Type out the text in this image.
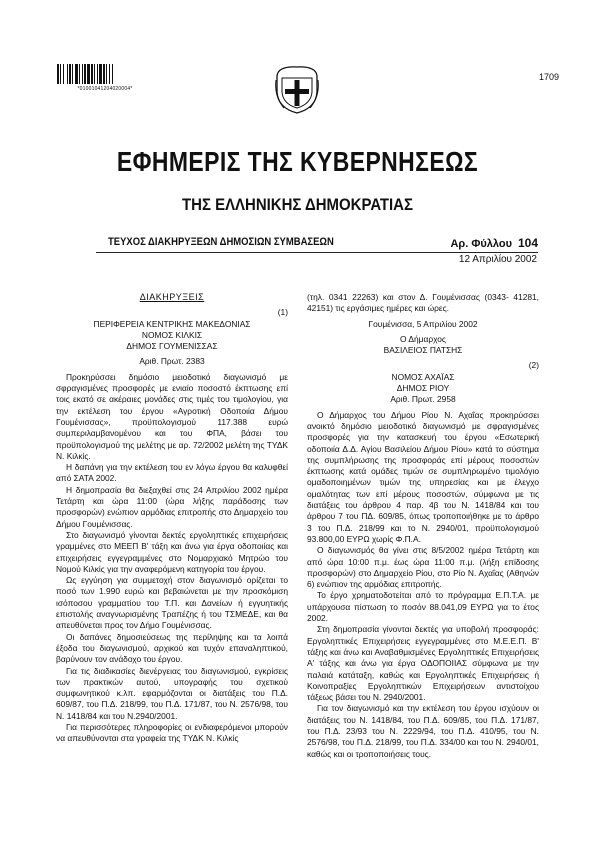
*01001041204020004*
1709
ΕΦΗΜΕΡΙΣ ΤΗΣ ΚΥΒΕΡΝΗΣΕΩΣ
ΤΗΣ ΕΛΛΗΝΙΚΗΣ ΔΗΜΟΚΡΑΤΙΑΣ
ΤΕΥΧΟΣ ΔΙΑΚΗΡΥΞΕΩΝ ΔΗΜΟΣΙΩΝ ΣΥΜΒΑΣΕΩΝ	Αρ. Φύλλου 104
12 Απριλίου 2002

ΔΙΑΚΗΡΥΞΕΙΣ

(1)

ΠΕΡΙΦΕΡΕΙΑ ΚΕΝΤΡΙΚΗΣ ΜΑΚΕΔΟΝΙΑΣ

ΝΟΜΟΣ ΚΙΛΚΙΣ

ΔΗΜΟΣ ΓΟΥΜΕΝΙΣΣΑΣ

Αριθ. Πρωτ. 2383

Προκηρύσσει δημόσιο μειοδοτικό διαγωνισμό με σφραγισμένες προσφορές με ενιαίο ποσοστό έκπτωσης επί τοις εκατό σε ακέραιες μονάδες στις τιμές του τιμολογίου, για την εκτέλεση του έργου «Αγροτική Οδοποιία Δήμου Γουμένισσας», προϋπολογισμού 117.388 ευρώ συμπεριλαμβανομένου και του ΦΠΑ, βάσει του προϋπολογισμού της μελέτης με αρ. 72/2002 μελέτη της ΤΥΔΚ Ν. Κιλκίς.

Η δαπάνη για την εκτέλεση του εν λόγω έργου θα καλυφθεί από ΣΑΤΑ 2002.

Η δημοπρασία θα διεξαχθεί στις 24 Απριλίου 2002 ημέρα Τετάρτη και ώρα 11:00 (ώρα λήξης παράδοσης των προσφορών) ενώπιον αρμόδιας επιτροπής στο Δημαρχείο του Δήμου Γουμένισσας.

Στο διαγωνισμό γίνονται δεκτές εργοληπτικές επιχειρήσεις γραμμένες στο ΜΕΕΠ Β' τάξη και άνω για έργα οδοποιίας και επιχειρήσεις εγγεγραμμένες στο Νομαρχιακό Μητρώο του Νομού Κιλκίς για την αναφερόμενη κατηγορία του έργου.

Ως εγγύηση για συμμετοχή στον διαγωνισμό ορίζεται το ποσό των 1.990 ευρώ και βεβαιώνεται με την προσκόμιση ισόποσου γραμματίου του Τ.Π. και Δανείων ή εγγυητικής επιστολής αναγνωρισμένης Τραπέζης ή του ΤΣΜΕΔΕ, και θα απευθύνεται προς τον Δήμο Γουμένισσας.

Οι δαπάνες δημοσιεύσεως της περίληψης και τα λοιπά έξοδα του διαγωνισμού, αρχικού και τυχόν επαναληπτικού, βαρύνουν τον ανάδοχο του έργου.

Για τις διαδικασίες διενέργειας του διαγωνισμού, εγκρίσεις των πρακτικών αυτού, υπογραφής του σχετικού συμφωνητικού κ.λπ. εφαρμόζονται οι διατάξεις του Π.Δ. 609/87, του Π.Δ. 218/99, του Π.Δ. 171/87, του Ν. 2576/98, του Ν. 1418/84 και του Ν.2940/2001.

Για περισσότερες πληροφορίες οι ενδιαφερόμενοι μπορούν να απευθύνονται στα γραφεία της ΤΥΔΚ Ν. Κιλκίς

(τηλ. 0341 22263) και στον Δ. Γουμένισσας (0343- 41281, 42151) τις εργάσιμες ημέρες και ώρες.

Γουμένισσα, 5 Απριλίου 2002

Ο Δήμαρχος

ΒΑΣΙΛΕΙΟΣ ΠΑΤΣΗΣ

(2)

ΝΟΜΟΣ ΑΧΑΪΑΣ

ΔΗΜΟΣ ΡΙΟΥ

Αριθ. Πρωτ. 2958

Ο Δήμαρχος του Δήμου Ρίου Ν. Αχαΐας προκηρύσσει ανοικτό δημόσιο μειοδοτικό διαγωνισμό με σφραγισμένες προσφορές για την κατασκευή του έργου «Εσωτερική οδοποιία Δ.Δ. Αγίου Βασιλείου Δήμου Ρίου» κατά το σύστημα της συμπλήρωσης της προσφοράς επί μέρους ποσοστών έκπτωσης κατά ομάδες τιμών σε συμπληρωμένο τιμολόγιο ομαδοποιημένων τιμών της υπηρεσίας και με έλεγχο ομαλότητας των επί μέρους ποσοστών, σύμφωνα με τις διατάξεις του άρθρου 4 παρ. 4β του Ν. 1418/84 και του άρθρου 7 του ΠΔ. 609/85, όπως τροποποιήθηκε με το άρθρο 3 του Π.Δ. 218/99 και το Ν. 2940/01, προϋπολογισμού 93.800,00 ΕΥΡΩ χωρίς Φ.Π.Α.

Ο διαγωνισμός θα γίνει στις 8/5/2002 ημέρα Τετάρτη και από ώρα 10:00 π.μ. έως ώρα 11:00 π.μ. (λήξη επίδοσης προσφορών) στο Δημαρχείο Ρίου, στο Ρίο Ν. Αχαΐας (Αθηνών 6) ενώπιον της αρμόδιας επιτροπής.

Το έργο χρηματοδοτείται από το πρόγραμμα Ε.Π.Τ.Α. με υπάρχουσα πίστωση το ποσόν 88.041,09 ΕΥΡΩ για το έτος 2002.

Στη δημοπρασία γίνονται δεκτές για υποβολή προσφοράς: Εργοληπτικές Επιχειρήσεις εγγεγραμμένες στο Μ.Ε.Ε.Π. Β' τάξης και άνω και Αναβαθμισμένες Εργοληπτικές Επιχειρήσεις Α' τάξης και άνω για έργα ΟΔΟΠΟΙΙΑΣ σύμφωνα με την παλαιά κατάταξη, καθώς και Εργοληπτικές Επιχειρήσεις ή Κοινοπραξίες Εργοληπτικών Επιχειρήσεων αντιστοίχου τάξεως βάσει του Ν. 2940/2001.

Για τον διαγωνισμό και την εκτέλεση του έργου ισχύουν οι διατάξεις του Ν. 1418/84, του Π.Δ. 609/85, του Π.Δ. 171/87, του Π.Δ. 23/93 του Ν. 2229/94, του Π.Δ. 410/95, του Ν. 2576/98, του Π.Δ. 218/99, του Π.Δ. 334/00 και του Ν. 2940/01, καθώς και οι τροποποιήσεις τους.
